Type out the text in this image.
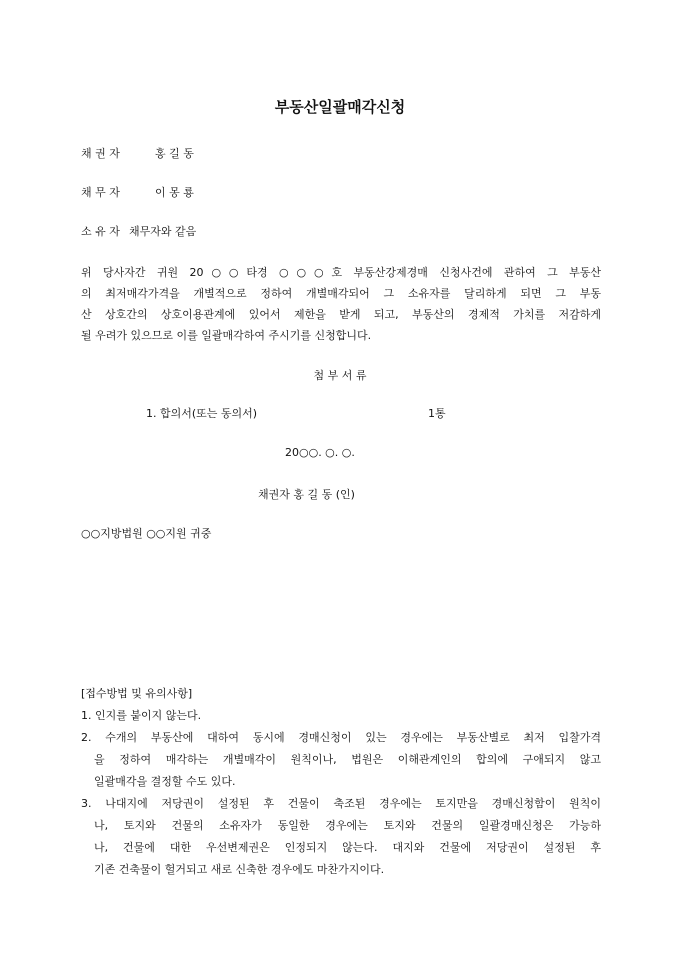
부동산일괄매각신청
채 권 자	홍 길 동
채 무 자	이 몽 룡
소 유 자 채무자와 같음
위 당사자간 귀원 20○○타경 ○○○호 부동산강제경매 신청사건에 관하여 그 부동산
의 최저매각가격을 개별적으로 정하여 개별매각되어 그 소유자를 달리하게 되면 그 부동
산 상호간의 상호이용관계에 있어서 제한을 받게 되고, 부동산의 경제적 가치를 저감하게
될 우려가 있으므로 이를 일괄매각하여 주시기를 신청합니다.
첨 부 서 류
1. 합의서(또는 동의서)	1통
20○○. ○. ○.
채권자 홍 길 동 (인)
○○지방법원 ○○지원 귀중
[접수방법 및 유의사항]
1. 인지를 붙이지 않는다.
2. 수개의 부동산에 대하여 동시에 경매신청이 있는 경우에는 부동산별로 최저 입찰가격
을 정하여 매각하는 개별매각이 원칙이나, 법원은 이해관계인의 합의에 구애되지 않고
일괄매각을 결정할 수도 있다.
3. 나대지에 저당권이 설정된 후 건물이 축조된 경우에는 토지만을 경매신청함이 원칙이
나, 토지와 건물의 소유자가 동일한 경우에는 토지와 건물의 일괄경매신청은 가능하
나, 건물에 대한 우선변제권은 인정되지 않는다. 대지와 건물에 저당권이 설정된 후
기존 건축물이 헐거되고 새로 신축한 경우에도 마찬가지이다.
